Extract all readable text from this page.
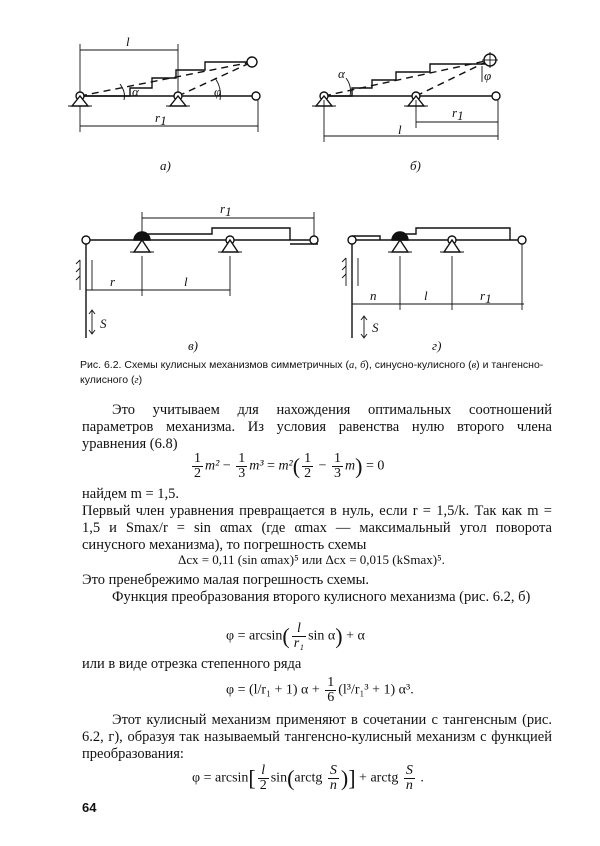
l
r1
α	φ
а)
α	φ
r1
l
б)
r1
r	l
S
в)
n	l	r1
S
г)
Рис. 6.2. Схемы кулисных механизмов симметричных (а, б), синусно-кулисного (в) и тангенсно-кулисного (г)
Это учитываем для нахождения оптимальных соотношений параметров механизма. Из условия равенства нулю второго члена уравнения (6.8)
$\frac{1}{2} m^2 - \frac{1}{3} m^3 = m^2( \frac{1}{2} - \frac{1}{3} m) = 0$
найдем m = 1,5.
Первый член уравнения превращается в нуль, если r = 1,5/k. Так как m = 1,5 и Smax/r = sin αmax (где αmax — максимальный угол поворота синусного механизма), то погрешность схемы
Δсх = 0,11 (sin αmax)⁵ или Δсх = 0,015 (kSmax)⁵.
Это пренебрежимо малая погрешность схемы.
Функция преобразования второго кулисного механизма (рис. 6.2, б)
$\varphi = \arcsin( \frac{l}{\text{r₁}}$ sin α) + α
или в виде отрезка степенного ряда
φ = (l/r₁ + 1) $\alpha + \frac{1}{6} (l^3/r_1^3 + 1)$ α³.
Этот кулисный механизм применяют в сочетании с тангенсным (рис. 6.2, г), образуя так называемый тангенсно-кулисный механизм с функцией преобразования:
$\varphi = \arcsin[ \frac{l}{2}$ sin(arctg $\frac{S}{n}$ )] + arctg $\frac{S}{n}$ .
64
